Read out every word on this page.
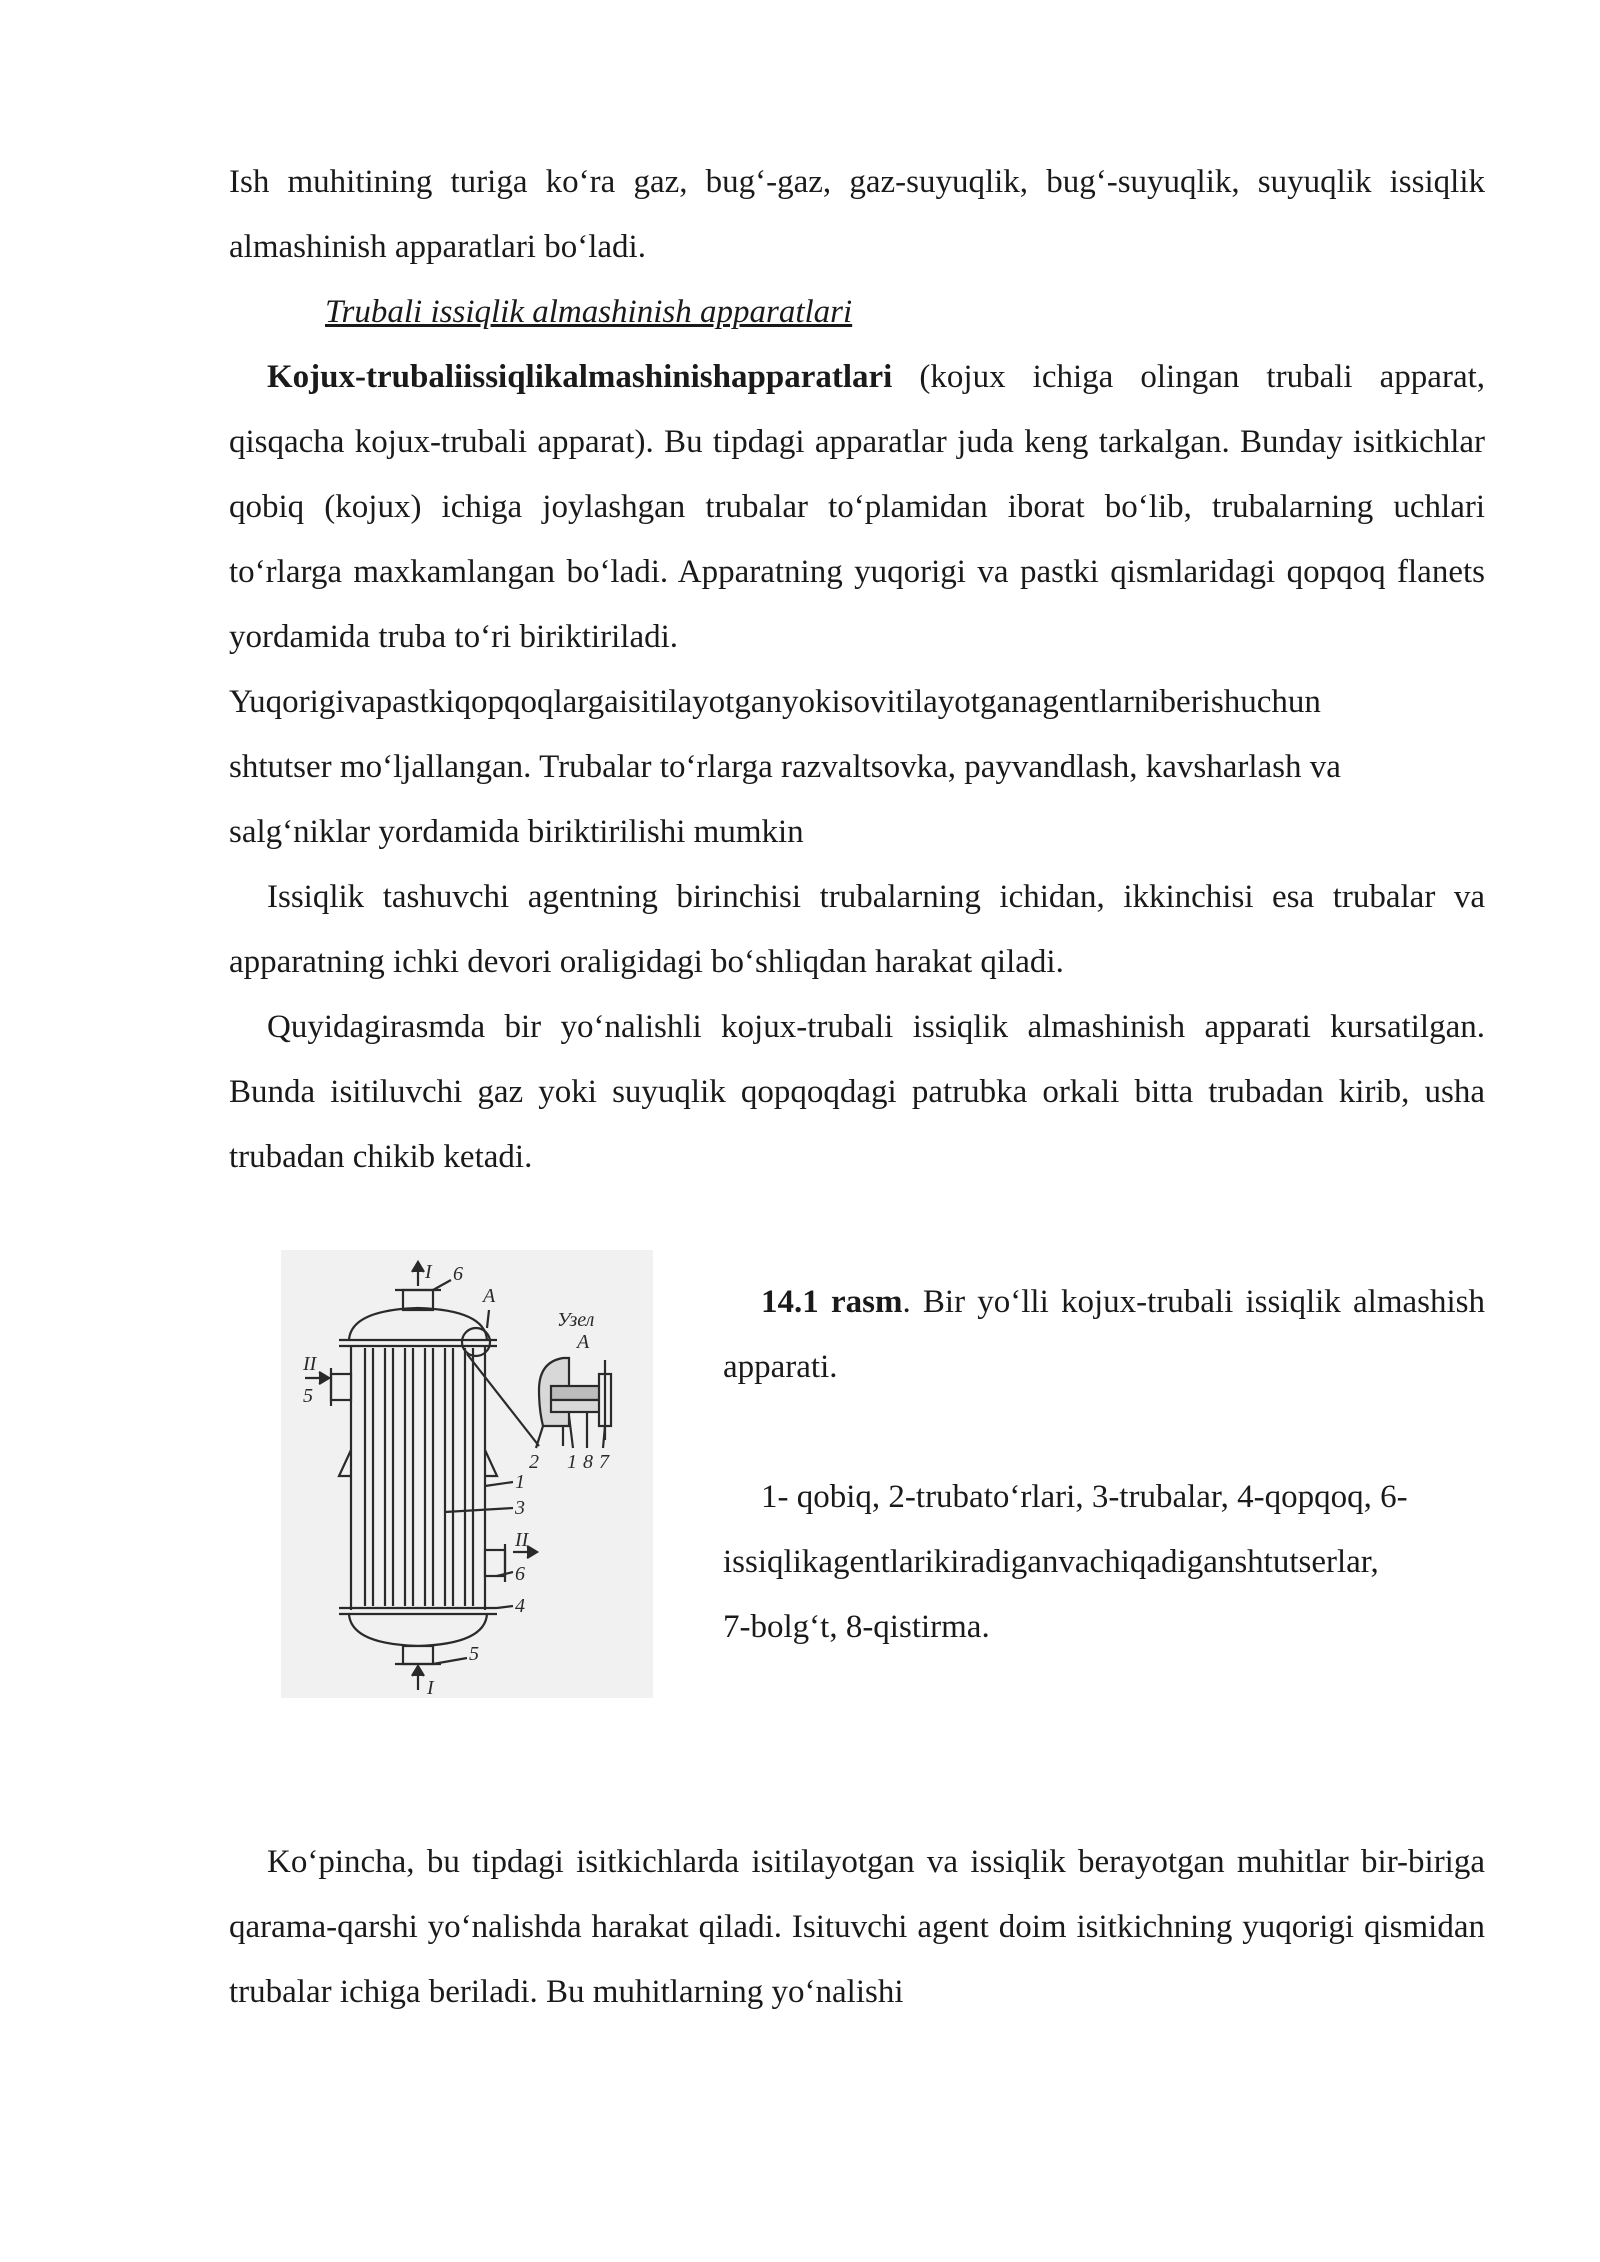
Ish muhitining turiga ko‘ra gaz, bug‘-gaz, gaz-suyuqlik, bug‘-suyuqlik, suyuqlik issiqlik almashinish apparatlari bo‘ladi.

Trubali issiqlik almashinish apparatlari

Kojux-trubaliissiqlikalmashinishapparatlari (kojux ichiga olingan trubali apparat, qisqacha kojux-trubali apparat). Bu tipdagi apparatlar juda keng tarkalgan. Bunday isitkichlar qobiq (kojux) ichiga joylashgan trubalar to‘plamidan iborat bo‘lib, trubalarning uchlari to‘rlarga maxkamlangan bo‘ladi. Apparatning yuqorigi va pastki qismlaridagi qopqoq flanets yordamida truba to‘ri biriktiriladi.

Yuqorigivapastkiqopqoqlargaisitilayotganyokisovitilayotganagentlarniberishuchun

shtutser mo‘ljallangan. Trubalar to‘rlarga razvaltsovka, payvandlash, kavsharlash va salg‘niklar yordamida biriktirilishi mumkin

Issiqlik tashuvchi agentning birinchisi trubalarning ichidan, ikkinchisi esa trubalar va apparatning ichki devori oraligidagi bo‘shliqdan harakat qiladi.

Quyidagirasmda bir yo‘nalishli kojux-trubali issiqlik almashinish apparati kursatilgan. Bunda isitiluvchi gaz yoki suyuqlik qopqoqdagi patrubka orkali bitta trubadan kirib, usha trubadan chikib ketadi.

I 6
A
Узел
A
II
5
2 1 8 7
1
3
II
6
4
5
I

14.1 rasm. Bir yo‘lli kojux-trubali issiqlik almashish apparati.

1- qobiq, 2-trubato‘rlari, 3-trubalar, 4-qopqoq, 6-

issiqlikagentlarikiradiganvachiqadiganshtutserlar,

7-bolg‘t, 8-qistirma.

Ko‘pincha, bu tipdagi isitkichlarda isitilayotgan va issiqlik berayotgan muhitlar bir-biriga qarama-qarshi yo‘nalishda harakat qiladi. Isituvchi agent doim isitkichning yuqorigi qismidan trubalar ichiga beriladi. Bu muhitlarning yo‘nalishi
